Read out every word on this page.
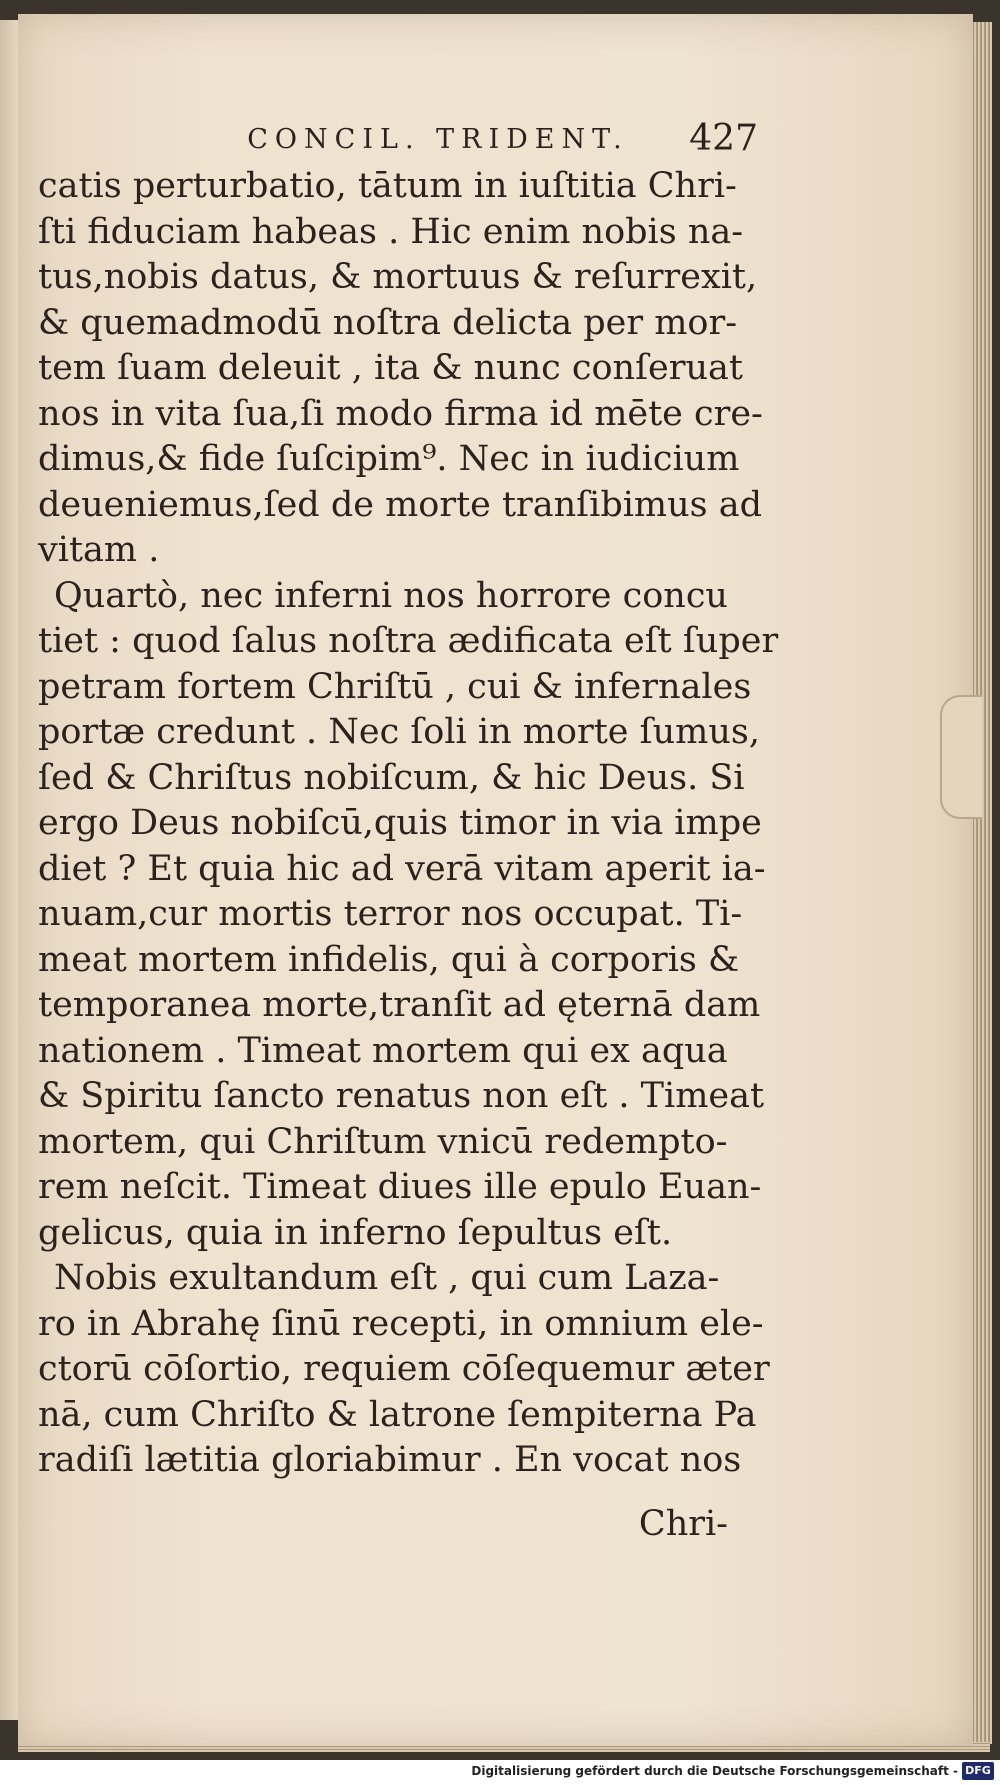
CONCIL. TRIDENT.	427
catis perturbatio, tātum in iuſtitia Chri-
ſti fiduciam habeas . Hic enim nobis na-
tus,nobis datus, & mortuus & reſurrexit,
& quemadmodū noſtra delicta per mor-
tem ſuam deleuit , ita & nunc conſeruat
nos in vita ſua,ſi modo firma id mēte cre-
dimus,& fide ſuſcipim⁹. Nec in iudicium
deueniemus,ſed de morte tranſibimus ad
vitam .
Quartò, nec inferni nos horrore concu
tiet : quod ſalus noſtra ædificata eſt ſuper
petram fortem Chriſtū , cui & infernales
portæ credunt . Nec ſoli in morte ſumus,
ſed & Chriſtus nobiſcum, & hic Deus. Si
ergo Deus nobiſcū,quis timor in via impe
diet ? Et quia hic ad verā vitam aperit ia-
nuam,cur mortis terror nos occupat. Ti-
meat mortem infidelis, qui à corporis &
temporanea morte,tranſit ad ęternā dam
nationem . Timeat mortem qui ex aqua
& Spiritu ſancto renatus non eſt . Timeat
mortem, qui Chriſtum vnicū redempto-
rem neſcit. Timeat diues ille epulo Euan-
gelicus, quia in inferno ſepultus eſt.
Nobis exultandum eſt , qui cum Laza-
ro in Abrahę ſinū recepti, in omnium ele-
ctorū cōſortio, requiem cōſequemur æter
nā, cum Chriſto & latrone ſempiterna Pa
radiſi lætitia gloriabimur . En vocat nos
Chri-
Digitalisierung gefördert durch die Deutsche Forschungsgemeinschaft - DFG
